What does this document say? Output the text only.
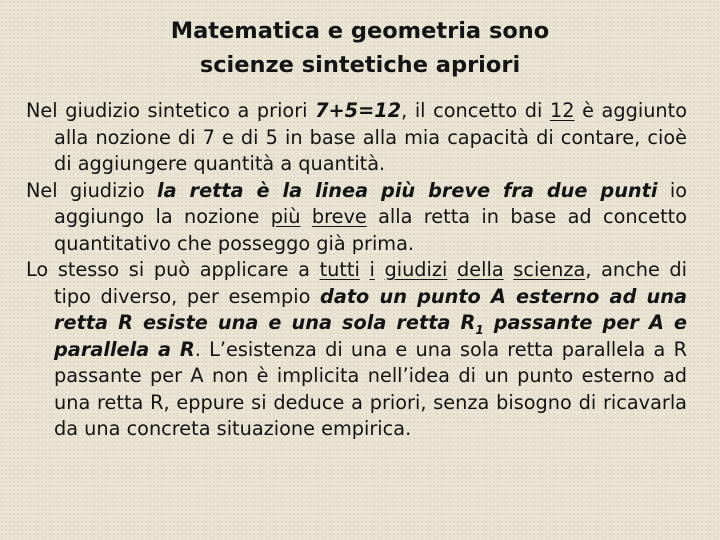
Matematica e geometria sono
scienze sintetiche apriori

Nel giudizio sintetico a priori 7+5=12, il concetto di 12 è aggiunto alla nozione di 7 e di 5 in base alla mia capacità di contare, cioè di aggiungere quantità a quantità.

Nel giudizio la retta è la linea più breve fra due punti io aggiungo la nozione più breve alla retta in base ad concetto quantitativo che posseggo già prima.

Lo stesso si può applicare a tutti i giudizi della scienza, anche di tipo diverso, per esempio dato un punto A esterno ad una retta R esiste una e una sola retta $R_1$ passante per A e parallela a R. L’esistenza di una e una sola retta parallela a R passante per A non è implicita nell’idea di un punto esterno ad una retta R, eppure si deduce a priori, senza bisogno di ricavarla da una concreta situazione empirica.
